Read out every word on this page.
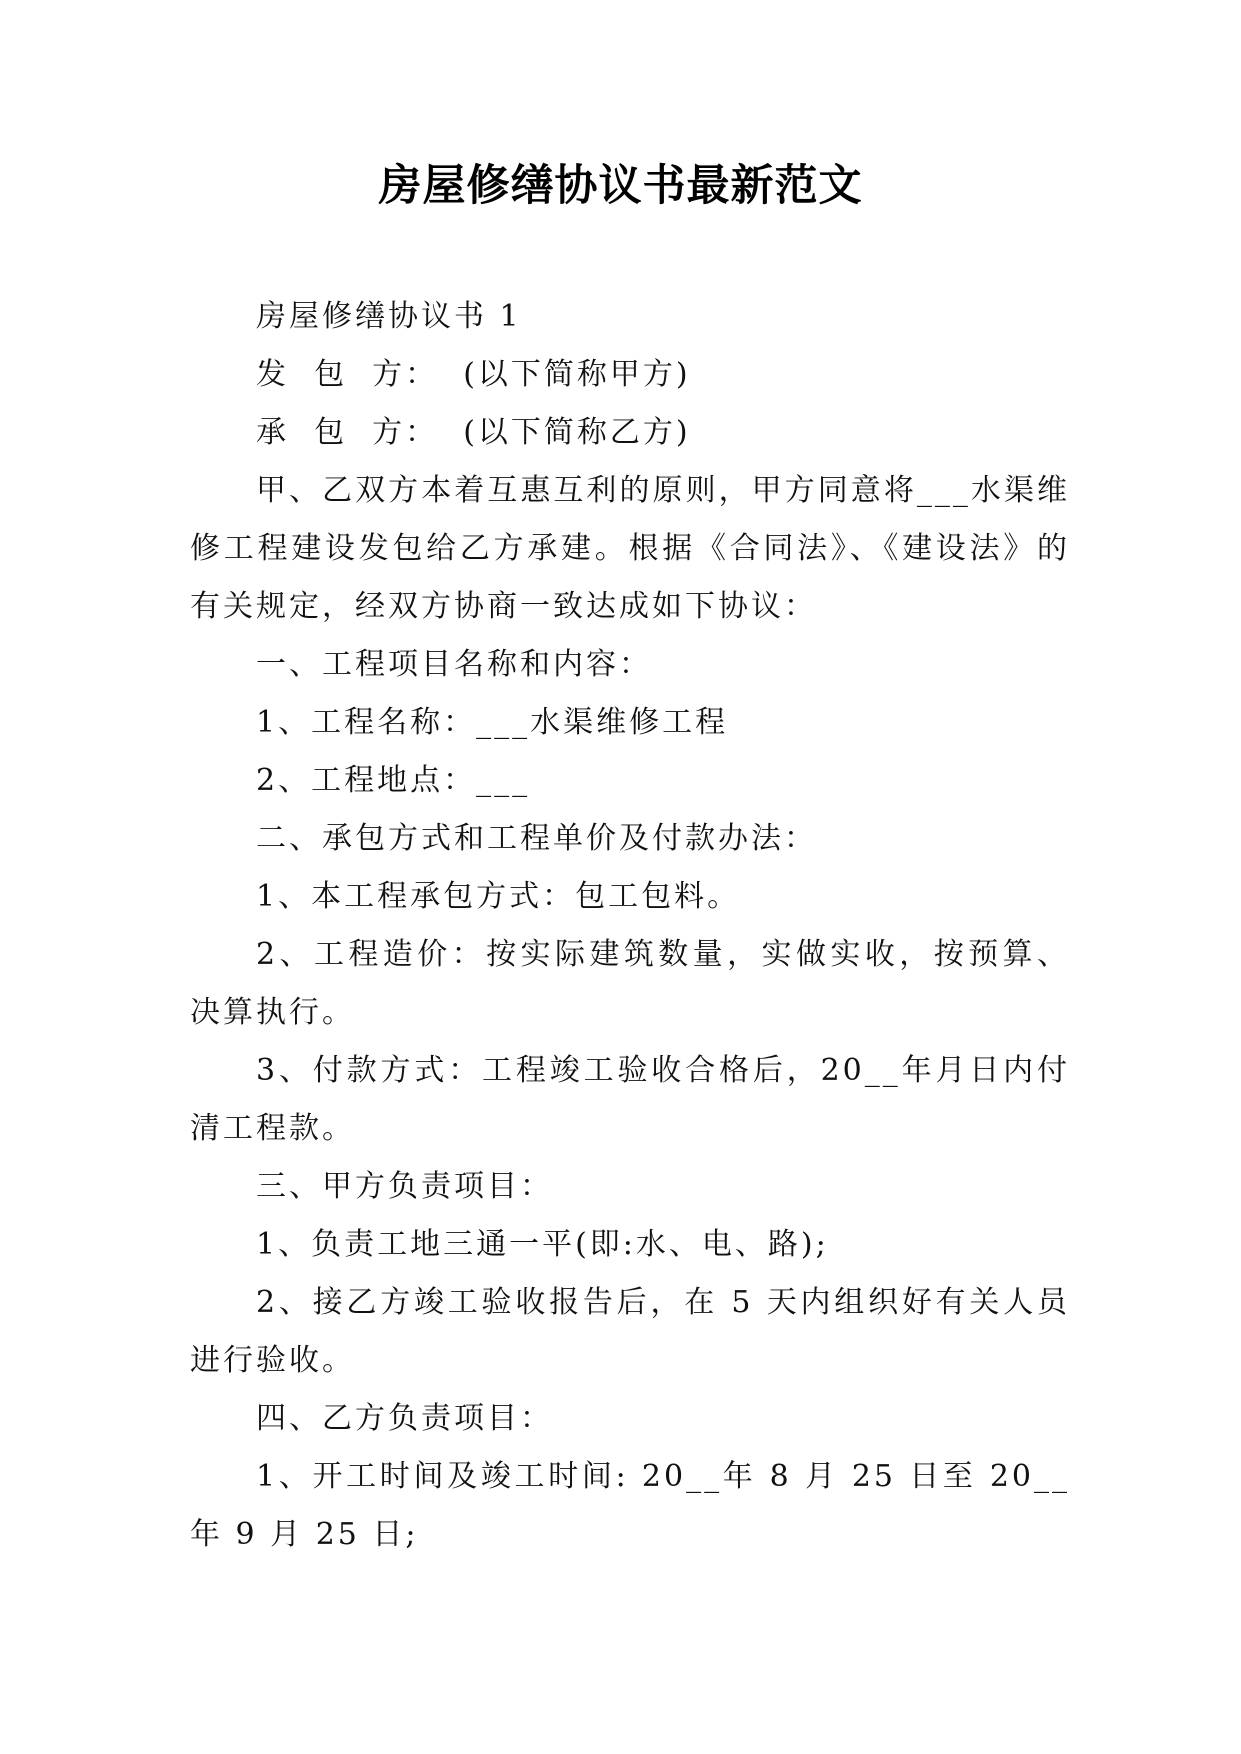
房屋修缮协议书最新范文

房屋修缮协议书 1

发  包  方：  (以下简称甲方)

承  包  方：  (以下简称乙方)

甲、乙双方本着互惠互利的原则，甲方同意将___水渠维修工程建设发包给乙方承建。根据《合同法》、《建设法》的有关规定，经双方协商一致达成如下协议：

一、工程项目名称和内容：

1、工程名称：___水渠维修工程

2、工程地点：___

二、承包方式和工程单价及付款办法：

1、本工程承包方式：包工包料。

2、工程造价：按实际建筑数量，实做实收，按预算、决算执行。

3、付款方式：工程竣工验收合格后，20__年月日内付清工程款。

三、甲方负责项目：

1、负责工地三通一平(即:水、电、路);

2、接乙方竣工验收报告后，在 5 天内组织好有关人员进行验收。

四、乙方负责项目：

1、开工时间及竣工时间: 20__年 8 月 25 日至 20__年 9 月 25 日;
